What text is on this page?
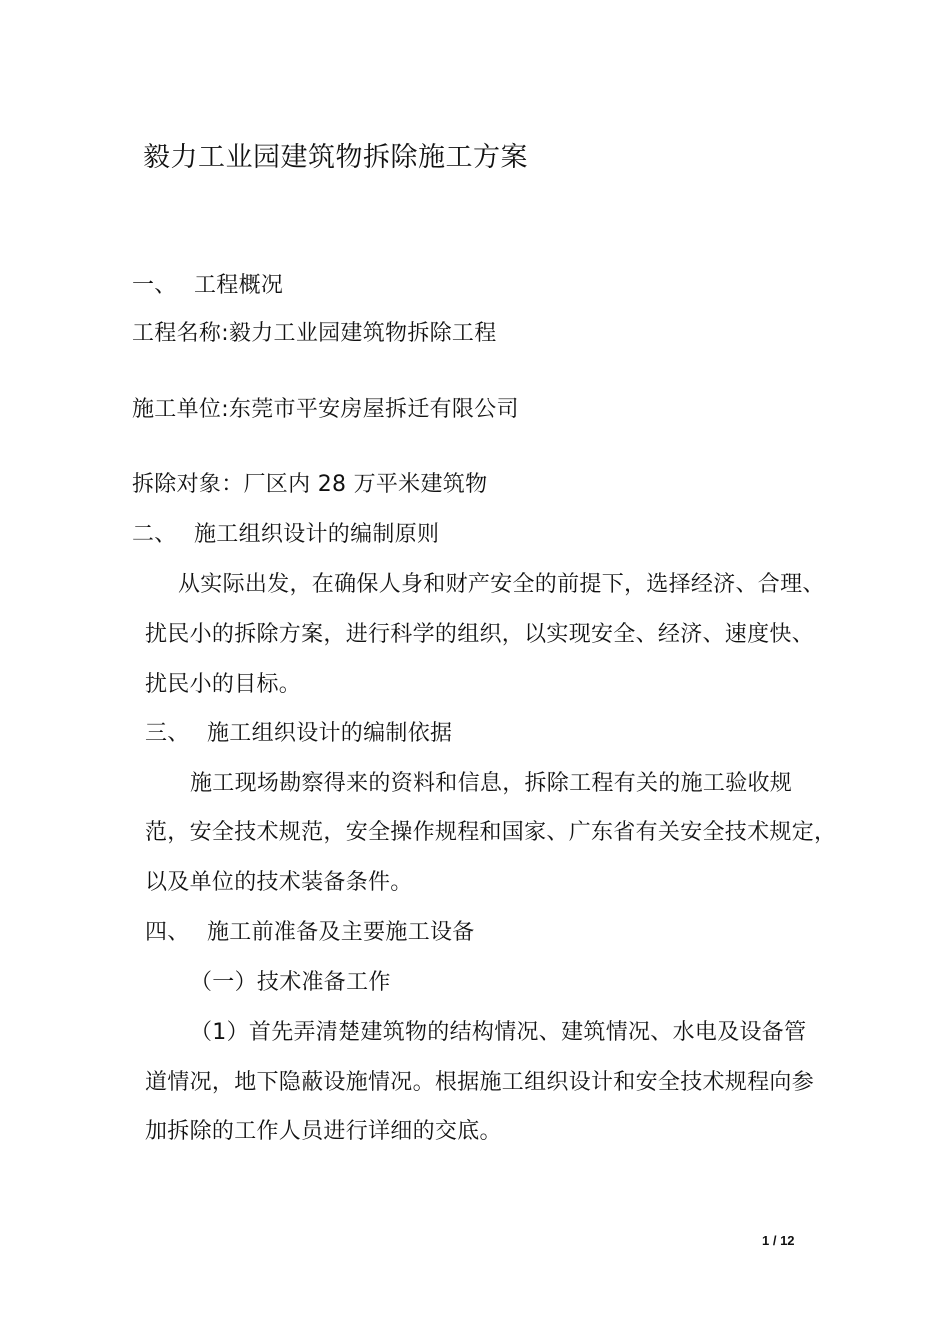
毅力工业园建筑物拆除施工方案
一、 工程概况
工程名称:毅力工业园建筑物拆除工程
施工单位:东莞市平安房屋拆迁有限公司
拆除对象：厂区内 28 万平米建筑物
二、 施工组织设计的编制原则
从实际出发，在确保人身和财产安全的前提下，选择经济、合理、
扰民小的拆除方案，进行科学的组织，以实现安全、经济、速度快、
扰民小的目标。
三、 施工组织设计的编制依据
施工现场勘察得来的资料和信息，拆除工程有关的施工验收规
范，安全技术规范，安全操作规程和国家、广东省有关安全技术规定，
以及单位的技术装备条件。
四、 施工前准备及主要施工设备
（一）技术准备工作
（1）首先弄清楚建筑物的结构情况、建筑情况、水电及设备管
道情况，地下隐蔽设施情况。根据施工组织设计和安全技术规程向参
加拆除的工作人员进行详细的交底。
1 / 12
